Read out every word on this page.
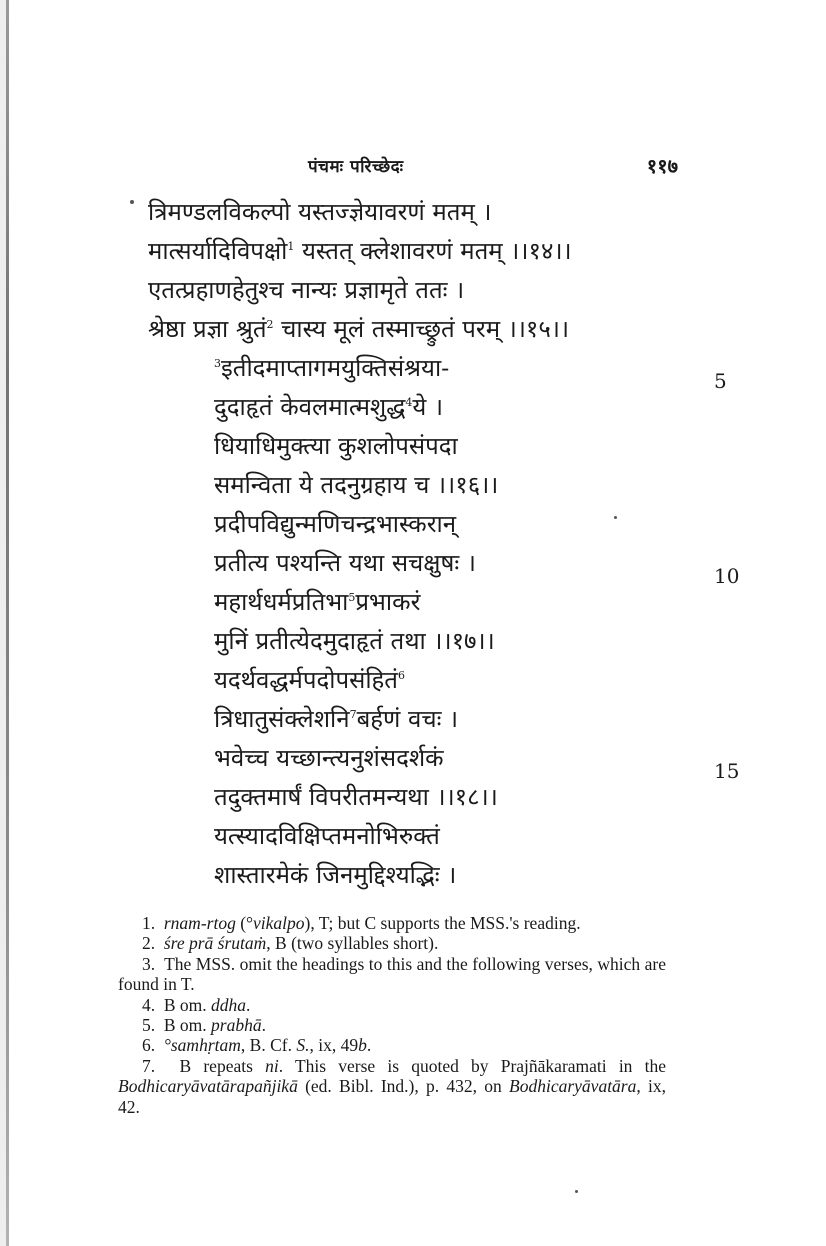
पंचमः परिच्छेदः	११७
त्रिमण्डलविकल्पो यस्तज्ज्ञेयावरणं मतम् ।
मात्सर्यादिविपक्षो$^1$ यस्तत् क्लेशावरणं मतम् ।।१४।।
एतत्प्रहाणहेतुश्च नान्यः प्रज्ञामृते ततः ।
श्रेष्ठा प्रज्ञा श्रुतं$^2$ चास्य मूलं तस्माच्छ्रुतं परम् ।।१५।।
$^3$इतीदमाप्तागमयुक्तिसंश्रया-
दुदाहृतं केवलमात्मशुद्ध$^4$ये ।
धियाधिमुक्त्या कुशलोपसंपदा
समन्विता ये तदनुग्रहाय च ।।१६।।
प्रदीपविद्युन्मणिचन्द्रभास्करान्
प्रतीत्य पश्यन्ति यथा सचक्षुषः ।
महार्थधर्मप्रतिभा$^5$प्रभाकरं
मुनिं प्रतीत्येदमुदाहृतं तथा ।।१७।।
यदर्थवद्धर्मपदोपसंहितं$^6$
त्रिधातुसंक्लेशनि$^7$बर्हणं वचः ।
भवेच्च यच्छान्त्यनुशंसदर्शकं
तदुक्तमार्षं विपरीतमन्यथा ।।१८।।
यत्स्यादविक्षिप्तमनोभिरुक्तं
शास्तारमेकं जिनमुद्दिश्यद्भिः ।
5
10
15

1. rnam-rtog (°vikalpo), T; but C supports the MSS.'s reading.

2. śre prā śrutaṁ, B (two syllables short).

3. The MSS. omit the headings to this and the following verses, which are found in T.

4. B om. ddha.

5. B om. prabhā.

6. °samhṛtam, B. Cf. S., ix, 49b.

7. B repeats ni. This verse is quoted by Prajñākaramati in the Bodhicaryāvatārapañjikā (ed. Bibl. Ind.), p. 432, on Bodhicaryāvatāra, ix, 42.
